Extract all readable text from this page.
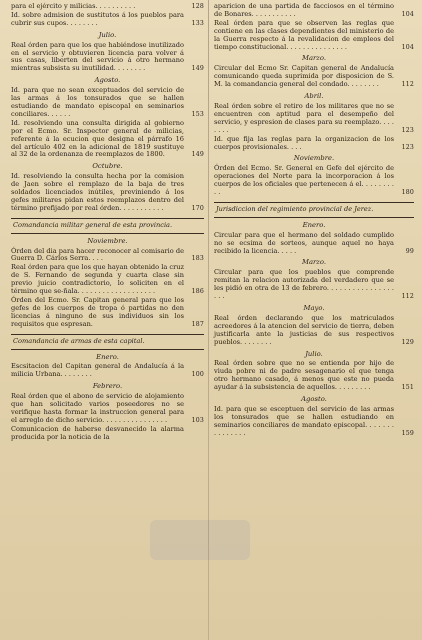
para el ejército y milicias. . . . . . . . . .	128
Id. sobre admision de sustitutos á los pueblos para cubrir sus cupos. . . . . . . .	133
Julio.
Real órden para que los que habiéndose inutilizado en el servicio y obtuvieren licencia para volver á sus casas, liberten del servicio á otro hermano mientras subsista su inutilidad. . . . . . . .	149
Agosto.
Id. para que no sean exceptuados del servicio de las armas á los tonsurados que se hallen estudiando de mandato episcopal en seminarios conciliares. . . . . .	153
Id. resolviendo una consulta dirigida al gobierno por el Ecmo. Sr. Inspector general de milicias, referente á la ecucion que designa el párrafo 16 del artículo 402 en la adicional de 1819 sustituye al 32 de la ordenanza de reemplazos de 1800.	149
Octubre.
Id. resolviendo la consulta hecha por la comision de Jaen sobre el remplazo de la baja de tres soldados licenciados inútiles, previniendo á los gefes militares pidan estos reemplazos dentro del término prefijado por real órden. . . . . . . . . . .	170
Comandancia militar general de esta provincia.
Noviembre.
Órden del dia para hacer reconocer al comisario de Guerra D. Cárlos Serra. . . .	183
Real órden para que los que hayan obtenido la cruz de S. Fernando de segunda y cuarta clase sin previo juicio contradictorio, lo soliciten en el término que se-ñala. . . . . . . . . . . . . . . . . . .	186
Órden del Ecmo. Sr. Capitan general para que los gefes de los cuerpos de tropa ó partidas no den licencias á ninguno de sus individuos sin los requisitos que espresan.	187
Comandancia de armas de esta capital.
Enero.
Escsitacion del Capitan general de Andalucía á la milicia Urbana. . . . . . . .	100
Febrero.
Real órden que el abono de servicio de alojamiento que han solicitado varios poseedores no se verifique hasta formar la instruccion general para el arreglo de dicho servicio. . . . . . . . . . . . . . . .	103
Comunicacion de haberse desvanecido la alarma producida por la noticia de la
aparicion de una partida de facciosos en el término de Bonares. . . . . . . . . . .	104
Real órden para que se observen las reglas que contiene en las clases dependientes del ministerio de la Guerra respecto á la revalidacion de empleos del tiempo constitucional. . . . . . . . . . . . . . .	104
Marzo.
Circular del Ecmo Sr. Capitan general de Andalucía comunicando queda suprimida por disposicion de S. M. la comandancia general del condado. . . . . . . .	112
Abril.
Real órden sobre el retiro de los militares que no se encuentren con aptitud para el desempeño del servicio, y espresion de clases para su reemplazo. . . . . . . .	123
Id. que fija las reglas para la organizacion de los cuerpos provisionales. . . .	123
Noviembre.
Órden del Ecmo. Sr. General en Gefe del ejército de operaciones del Norte para la incorporacion á los cuerpos de los oficiales que pertenecen á el. . . . . . . . . .	180
Jurisdiccion del regimiento provincial de Jerez.
Enero.
Circular para que el hermano del soldado cumplido no se ecsima de sorteos, aunque aquel no haya recibido la licencia. . . . .	99
Marzo.
Circular para que los pueblos que comprende remitan la relacion autorizada del verdadero que se les pidió en otra de 13 de febrero. . . . . . . . . . . . . . . . . . .	112
Mayo.
Real órden declarando que los matriculados acreedores á la atencion del servicio de tierra, deben justificarla ante la justicias de sus respectivos pueblos. . . . . . . .	129
Julio.
Real órden sobre que no se entienda por hijo de viuda pobre ni de padre sesagenario el que tenga otro hermano casado, á menos que este no pueda ayudar á la subsistencia de aquellos. . . . . . . . .	151
Agosto.
Id. para que se esceptuen del servicio de las armas los tonsurados que se hallen estudiando en seminarios conciliares de mandato episcopal. . . . . . . . . . . . . . .	159
